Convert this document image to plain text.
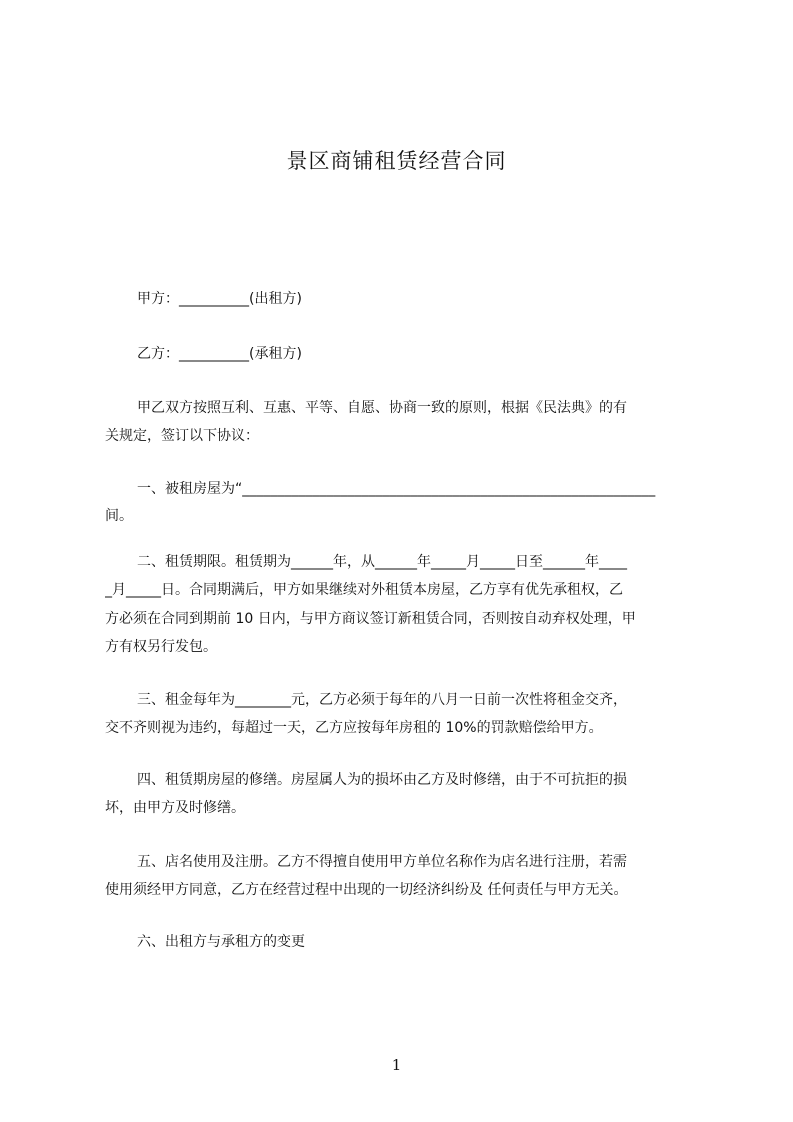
景区商铺租赁经营合同
甲方：__________(出租方)
乙方：__________(承租方)
甲乙双方按照互利、互惠、平等、自愿、协商一致的原则，根据《民法典》的有
关规定，签订以下协议：
一、被租房屋为“___________________________________________________________
间。
二、租赁期限。租赁期为______年，从______年_____月_____日至______年____
_月_____日。合同期满后，甲方如果继续对外租赁本房屋，乙方享有优先承租权，乙
方必须在合同到期前 10 日内，与甲方商议签订新租赁合同，否则按自动弃权处理，甲
方有权另行发包。
三、租金每年为________元，乙方必须于每年的八月一日前一次性将租金交齐，
交不齐则视为违约，每超过一天，乙方应按每年房租的 10%的罚款赔偿给甲方。
四、租赁期房屋的修缮。房屋属人为的损坏由乙方及时修缮，由于不可抗拒的损
坏，由甲方及时修缮。
五、店名使用及注册。乙方不得擅自使用甲方单位名称作为店名进行注册，若需
使用须经甲方同意，乙方在经营过程中出现的一切经济纠纷及 任何责任与甲方无关。
六、出租方与承租方的变更
1
